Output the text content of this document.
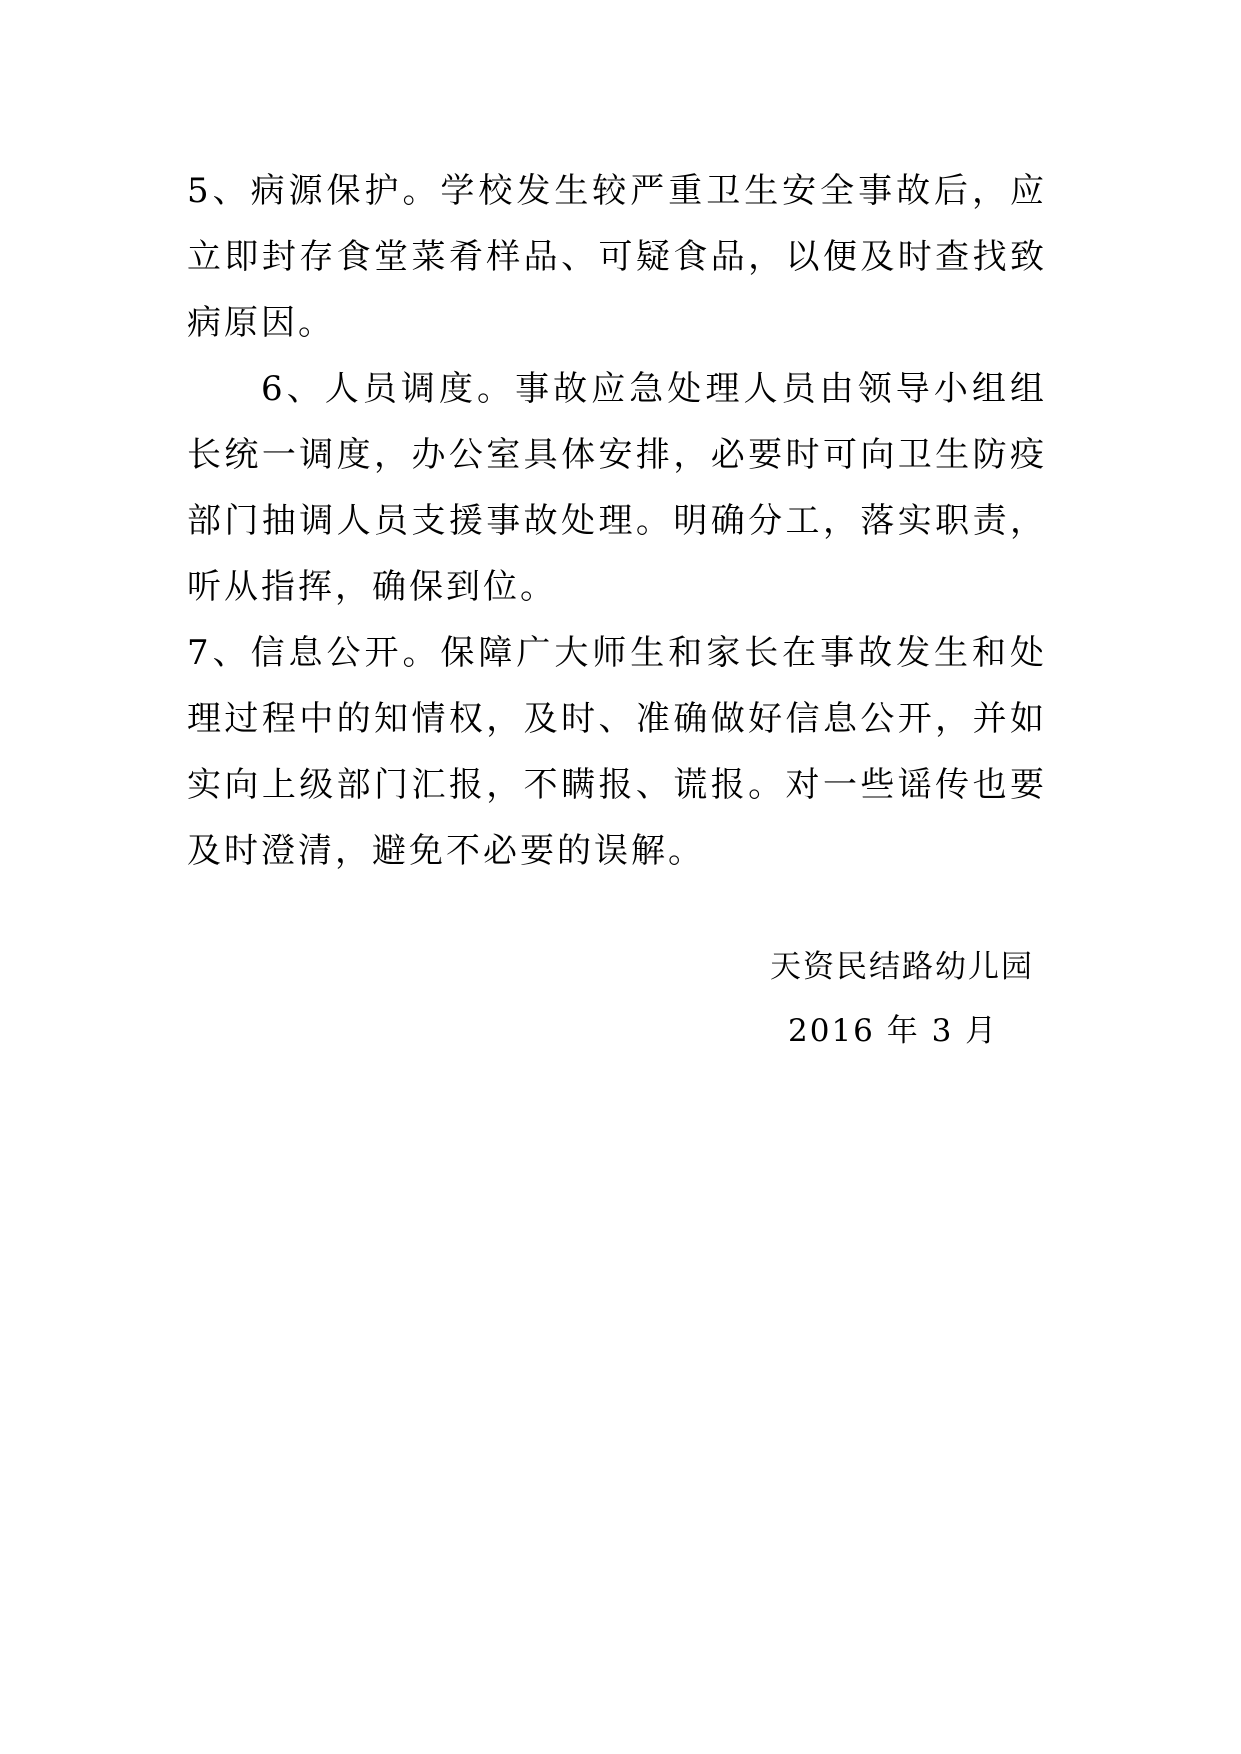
5、病源保护。学校发生较严重卫生安全事故后，应立即封存食堂菜肴样品、可疑食品，以便及时查找致病原因。

6、人员调度。事故应急处理人员由领导小组组长统一调度，办公室具体安排，必要时可向卫生防疫部门抽调人员支援事故处理。明确分工，落实职责，听从指挥，确保到位。

7、信息公开。保障广大师生和家长在事故发生和处理过程中的知情权，及时、准确做好信息公开，并如实向上级部门汇报，不瞒报、谎报。对一些谣传也要及时澄清，避免不必要的误解。

天资民结路幼儿园

2016 年 3 月
